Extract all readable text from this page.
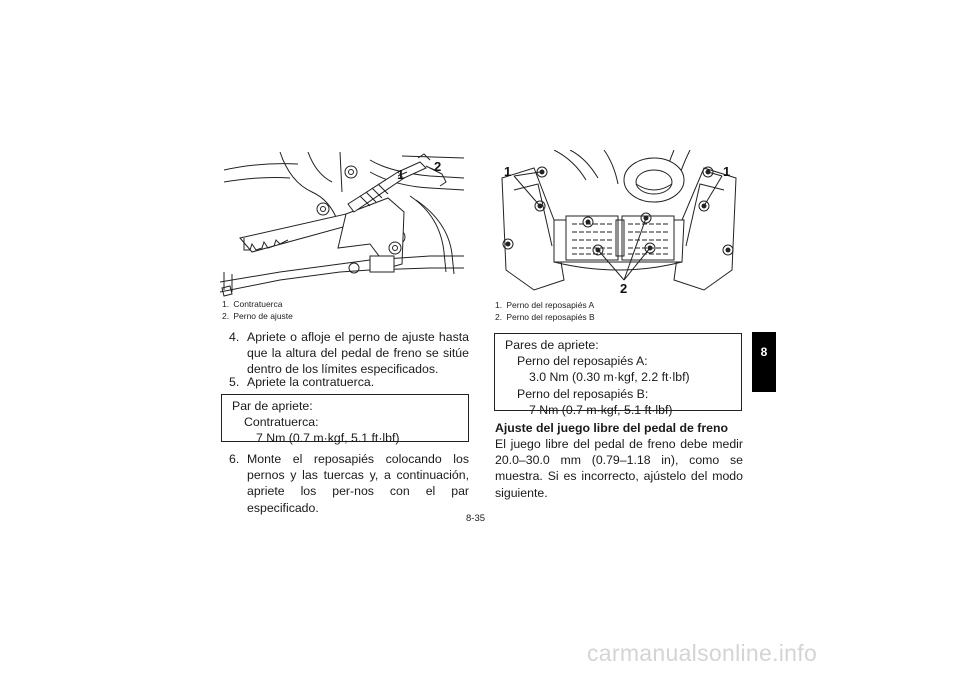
1
2
1. Contratuerca
2. Perno de ajuste
4. Apriete o afloje el perno de ajuste hasta que la altura del pedal de freno se sitúe dentro de los límites especificados.
5. Apriete la contratuerca.
Par de apriete:
Contratuerca:
7 Nm (0.7 m·kgf, 5.1 ft·lbf)
6. Monte el reposapiés colocando los pernos y las tuercas y, a continuación, apriete los per-nos con el par especificado.
1	1
2
1. Perno del reposapiés A
2. Perno del reposapiés B
Pares de apriete:
Perno del reposapiés A:
3.0 Nm (0.30 m·kgf, 2.2 ft·lbf)
Perno del reposapiés B:
7 Nm (0.7 m·kgf, 5.1 ft·lbf)
Ajuste del juego libre del pedal de freno
El juego libre del pedal de freno debe medir 20.0–30.0 mm (0.79–1.18 in), como se muestra. Si es incorrecto, ajústelo del modo siguiente.
8
8-35
carmanualsonline.info
